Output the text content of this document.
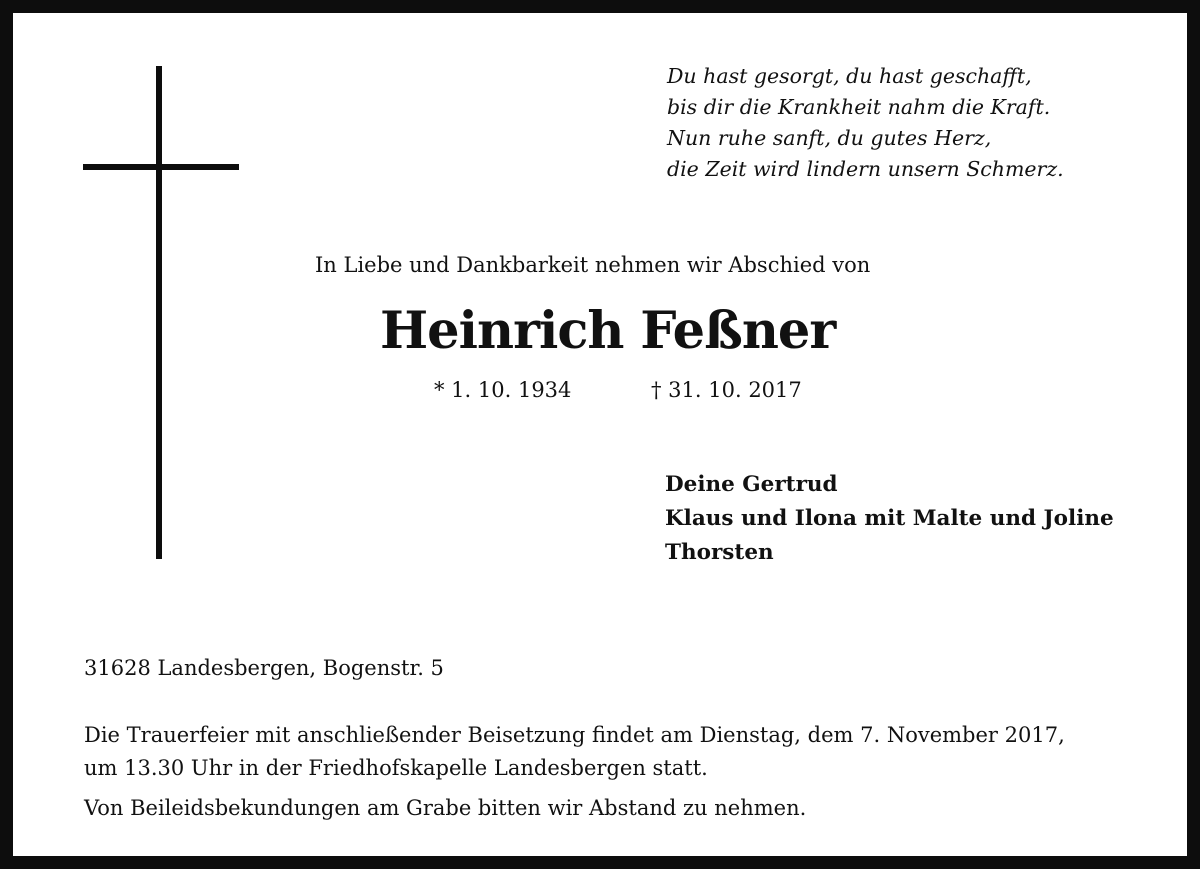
Du hast gesorgt, du hast geschafft,
bis dir die Krankheit nahm die Kraft.
Nun ruhe sanft, du gutes Herz,
die Zeit wird lindern unsern Schmerz.
In Liebe und Dankbarkeit nehmen wir Abschied von
Heinrich Feßner
* 1. 10. 1934	† 31. 10. 2017
Deine Gertrud
Klaus und Ilona mit Malte und Joline
Thorsten
31628 Landesbergen, Bogenstr. 5
Die Trauerfeier mit anschließender Beisetzung findet am Dienstag, dem 7. November 2017,
um 13.30 Uhr in der Friedhofskapelle Landesbergen statt.
Von Beileidsbekundungen am Grabe bitten wir Abstand zu nehmen.
